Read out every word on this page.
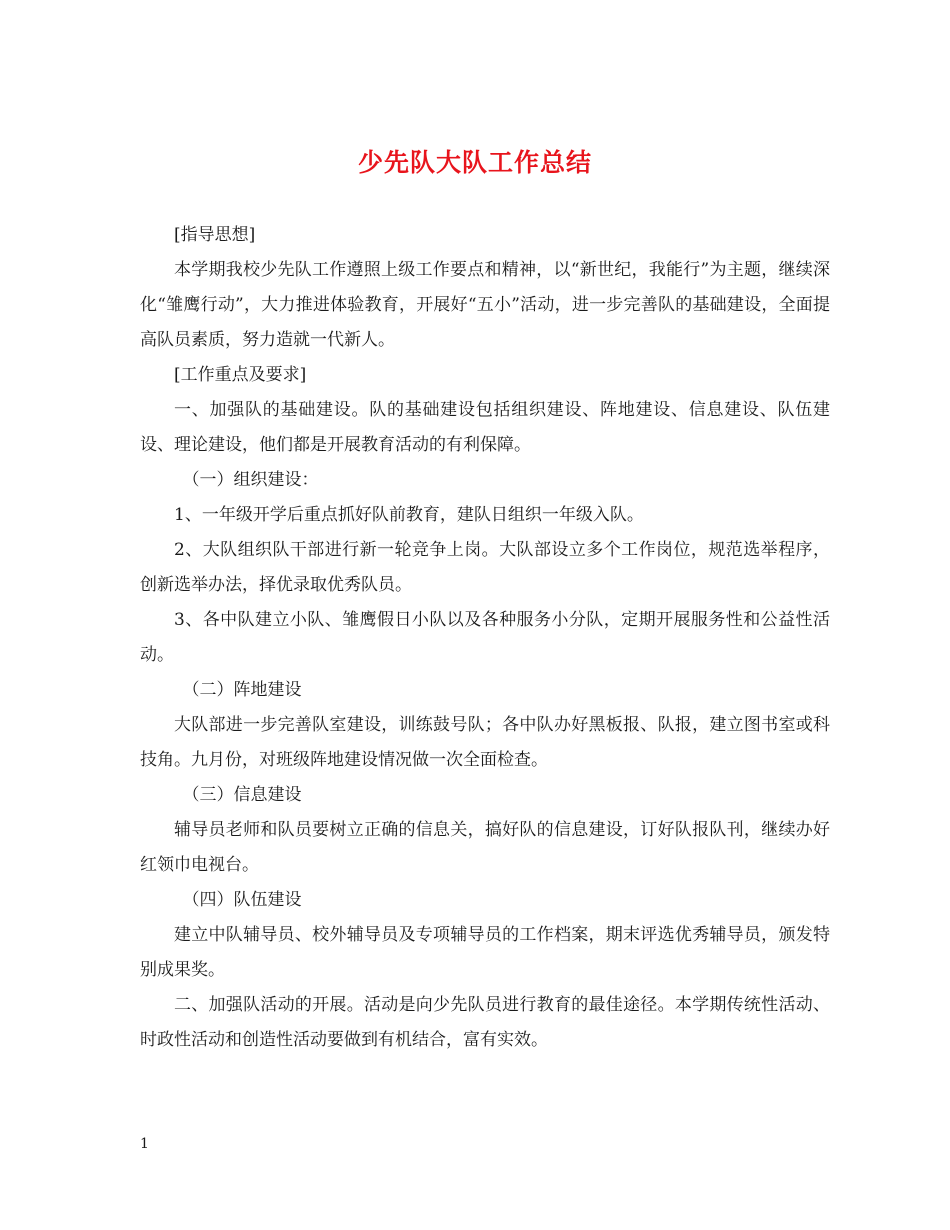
少先队大队工作总结

[指导思想]

本学期我校少先队工作遵照上级工作要点和精神，以“新世纪，我能行”为主题，继续深化“雏鹰行动”，大力推进体验教育，开展好“五小”活动，进一步完善队的基础建设，全面提高队员素质，努力造就一代新人。

[工作重点及要求]

一、加强队的基础建设。队的基础建设包括组织建设、阵地建设、信息建设、队伍建设、理论建设，他们都是开展教育活动的有利保障。

（一）组织建设：

1、一年级开学后重点抓好队前教育，建队日组织一年级入队。

2、大队组织队干部进行新一轮竞争上岗。大队部设立多个工作岗位，规范选举程序，创新选举办法，择优录取优秀队员。

3、各中队建立小队、雏鹰假日小队以及各种服务小分队，定期开展服务性和公益性活动。

（二）阵地建设

大队部进一步完善队室建设，训练鼓号队；各中队办好黑板报、队报，建立图书室或科技角。九月份，对班级阵地建设情况做一次全面检查。

（三）信息建设

辅导员老师和队员要树立正确的信息关，搞好队的信息建设，订好队报队刊，继续办好红领巾电视台。

（四）队伍建设

建立中队辅导员、校外辅导员及专项辅导员的工作档案，期末评选优秀辅导员，颁发特别成果奖。

二、加强队活动的开展。活动是向少先队员进行教育的最佳途径。本学期传统性活动、时政性活动和创造性活动要做到有机结合，富有实效。

1
